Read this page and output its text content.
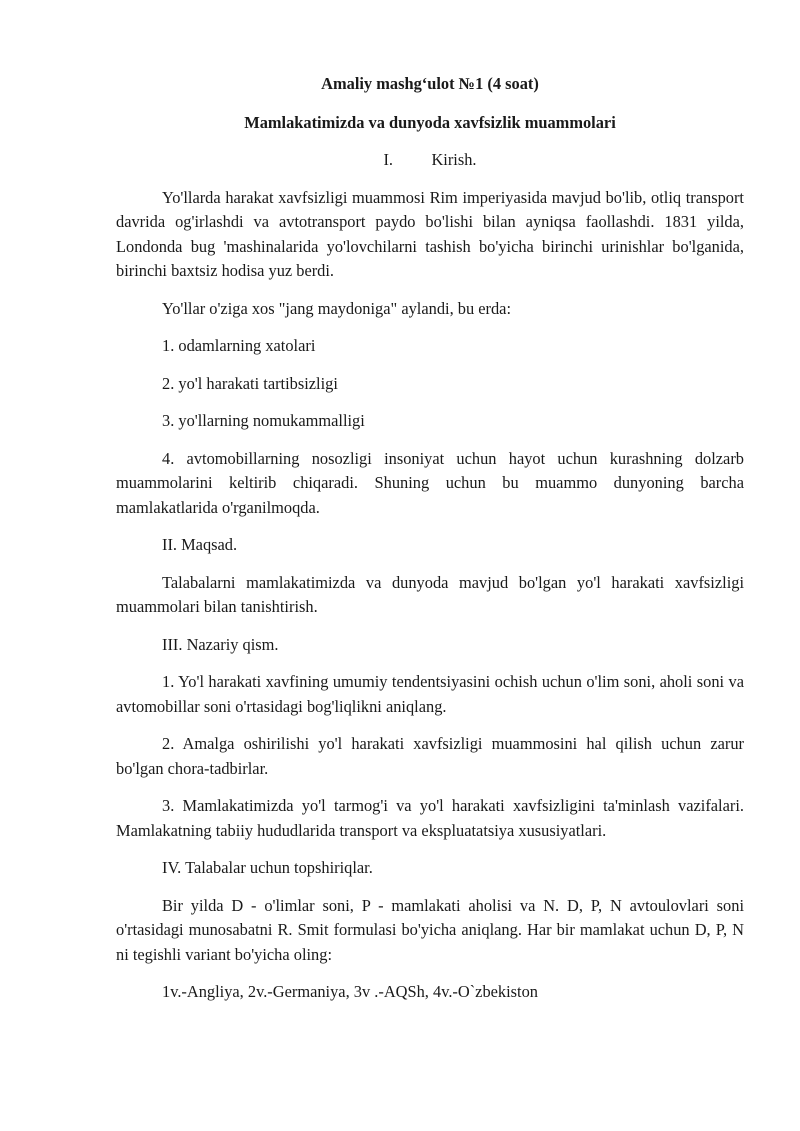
Amaliy mashg‘ulot №1 (4 soat)
Mamlakatimizda va dunyoda xavfsizlik muammolari
I. Kirish.

Yo'llarda harakat xavfsizligi muammosi Rim imperiyasida mavjud bo'lib, otliq transport davrida og'irlashdi va avtotransport paydo bo'lishi bilan ayniqsa faollashdi. 1831 yilda, Londonda bug 'mashinalarida yo'lovchilarni tashish bo'yicha birinchi urinishlar bo'lganida, birinchi baxtsiz hodisa yuz berdi.

Yo'llar o'ziga xos "jang maydoniga" aylandi, bu erda:

1. odamlarning xatolari

2. yo'l harakati tartibsizligi

3. yo'llarning nomukammalligi

4. avtomobillarning nosozligi insoniyat uchun hayot uchun kurashning dolzarb muammolarini keltirib chiqaradi. Shuning uchun bu muammo dunyoning barcha mamlakatlarida o'rganilmoqda.

II. Maqsad.

Talabalarni mamlakatimizda va dunyoda mavjud bo'lgan yo'l harakati xavfsizligi muammolari bilan tanishtirish.

III. Nazariy qism.

1. Yo'l harakati xavfining umumiy tendentsiyasini ochish uchun o'lim soni, aholi soni va avtomobillar soni o'rtasidagi bog'liqlikni aniqlang.

2. Amalga oshirilishi yo'l harakati xavfsizligi muammosini hal qilish uchun zarur bo'lgan chora-tadbirlar.

3. Mamlakatimizda yo'l tarmog'i va yo'l harakati xavfsizligini ta'minlash vazifalari. Mamlakatning tabiiy hududlarida transport va ekspluatatsiya xususiyatlari.

IV. Talabalar uchun topshiriqlar.

Bir yilda D - o'limlar soni, P - mamlakati aholisi va N. D, P, N avtoulovlari soni o'rtasidagi munosabatni R. Smit formulasi bo'yicha aniqlang. Har bir mamlakat uchun D, P, N ni tegishli variant bo'yicha oling:

1v.-Angliya, 2v.-Germaniya, 3v .-AQSh, 4v.-O`zbekiston
